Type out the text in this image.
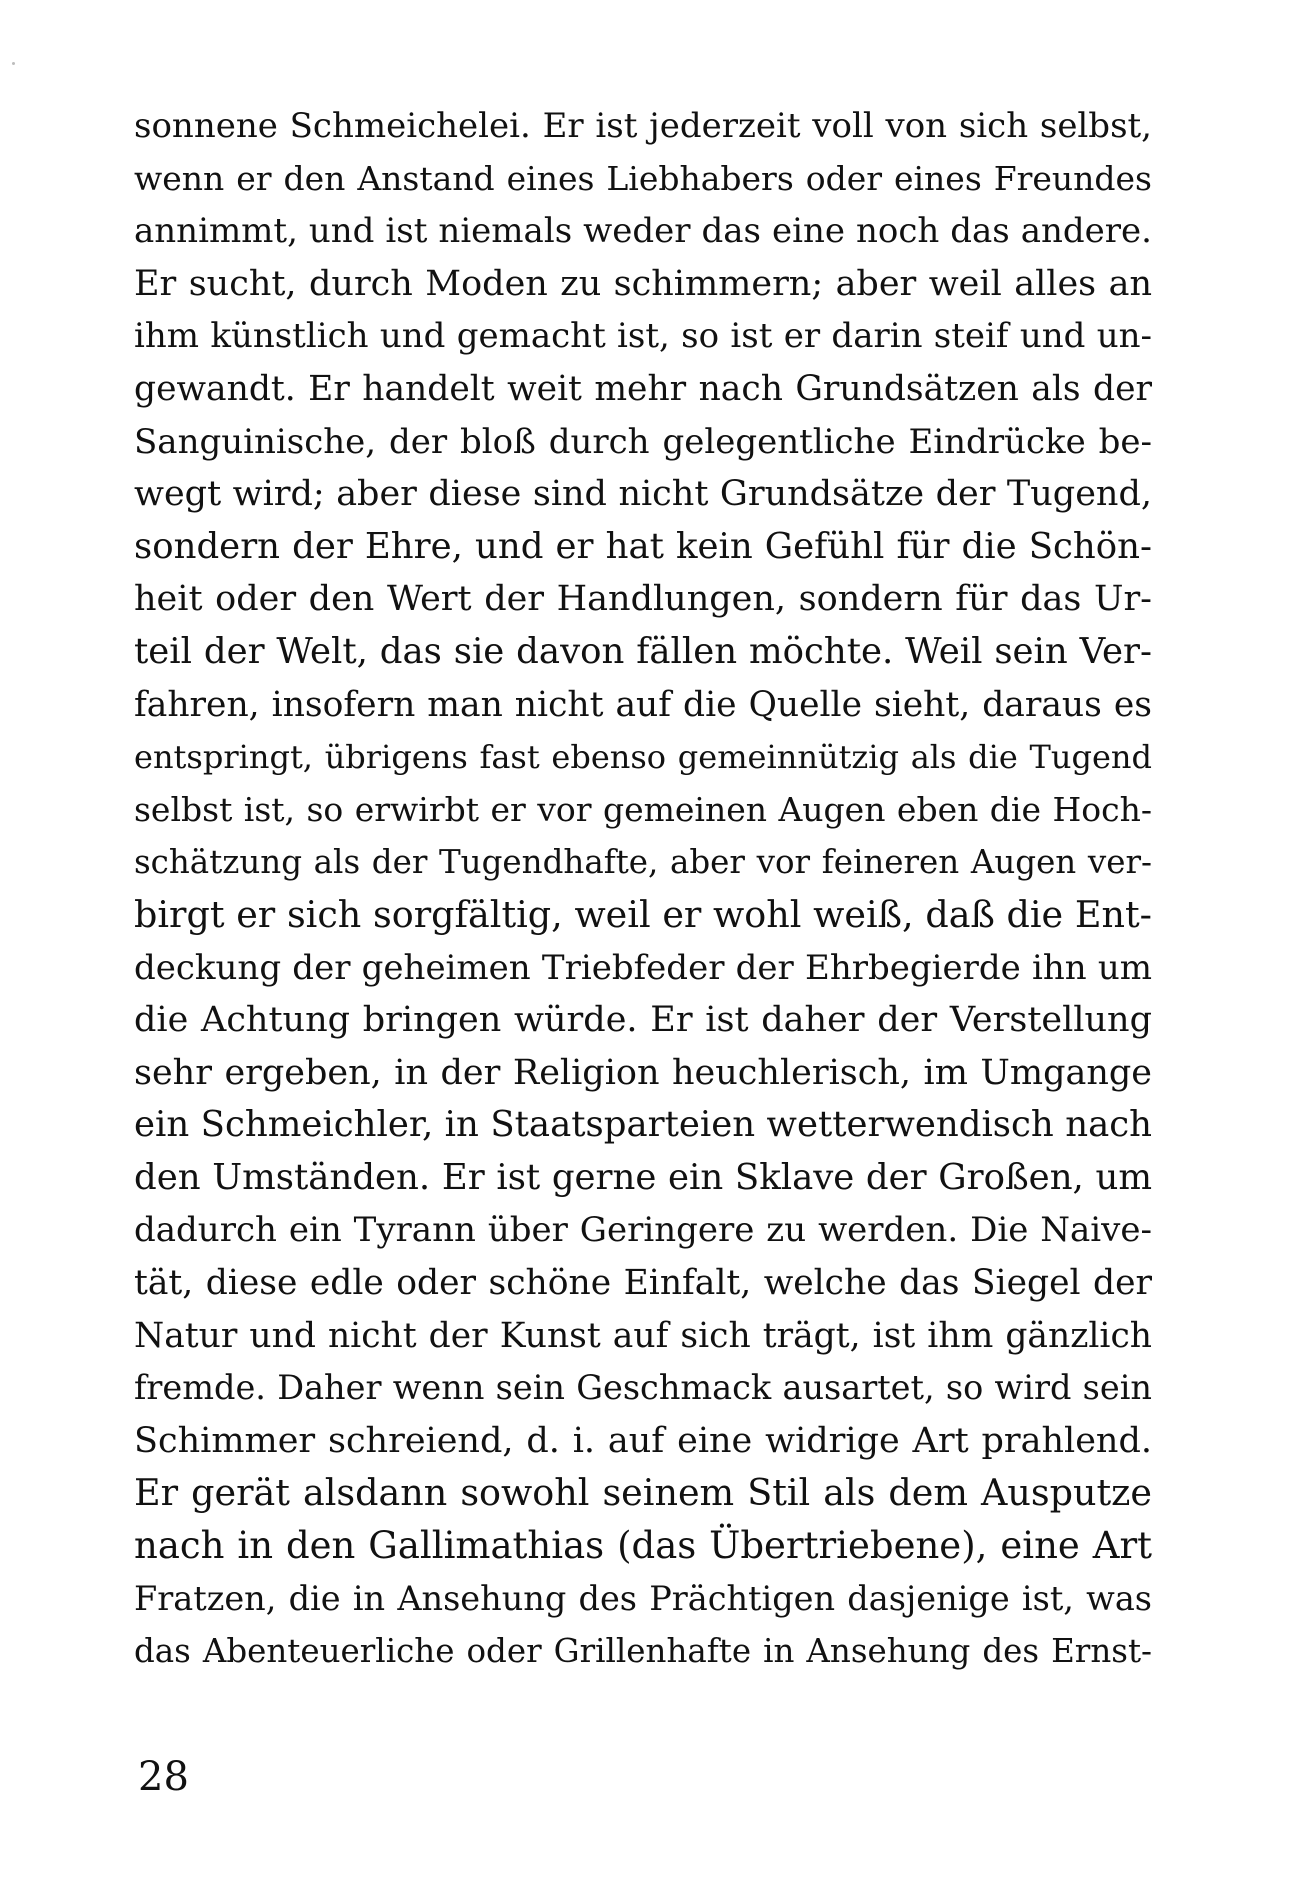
sonnene Schmeichelei. Er ist jederzeit voll von sich selbst,
wenn er den Anstand eines Liebhabers oder eines Freundes
annimmt, und ist niemals weder das eine noch das andere.
Er sucht, durch Moden zu schimmern; aber weil alles an
ihm künstlich und gemacht ist, so ist er darin steif und un-
gewandt. Er handelt weit mehr nach Grundsätzen als der
Sanguinische, der bloß durch gelegentliche Eindrücke be-
wegt wird; aber diese sind nicht Grundsätze der Tugend,
sondern der Ehre, und er hat kein Gefühl für die Schön-
heit oder den Wert der Handlungen, sondern für das Ur-
teil der Welt, das sie davon fällen möchte. Weil sein Ver-
fahren, insofern man nicht auf die Quelle sieht, daraus es
entspringt, übrigens fast ebenso gemeinnützig als die Tugend
selbst ist, so erwirbt er vor gemeinen Augen eben die Hoch-
schätzung als der Tugendhafte, aber vor feineren Augen ver-
birgt er sich sorgfältig, weil er wohl weiß, daß die Ent-
deckung der geheimen Triebfeder der Ehrbegierde ihn um
die Achtung bringen würde. Er ist daher der Verstellung
sehr ergeben, in der Religion heuchlerisch, im Umgange
ein Schmeichler, in Staatsparteien wetterwendisch nach
den Umständen. Er ist gerne ein Sklave der Großen, um
dadurch ein Tyrann über Geringere zu werden. Die Naive-
tät, diese edle oder schöne Einfalt, welche das Siegel der
Natur und nicht der Kunst auf sich trägt, ist ihm gänzlich
fremde. Daher wenn sein Geschmack ausartet, so wird sein
Schimmer schreiend, d. i. auf eine widrige Art prahlend.
Er gerät alsdann sowohl seinem Stil als dem Ausputze
nach in den Gallimathias (das Übertriebene), eine Art
Fratzen, die in Ansehung des Prächtigen dasjenige ist, was
das Abenteuerliche oder Grillenhafte in Ansehung des Ernst-
28
